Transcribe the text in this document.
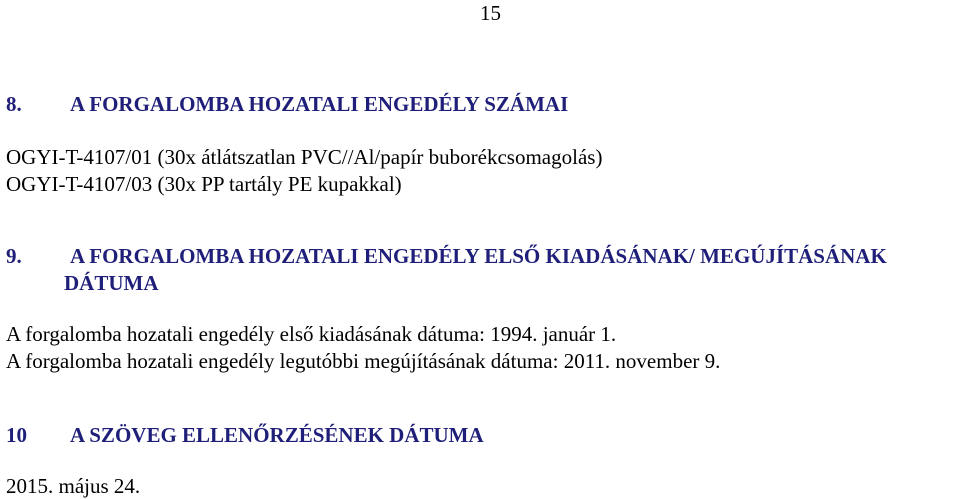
15
8. A FORGALOMBA HOZATALI ENGEDÉLY SZÁMAI
OGYI-T-4107/01 (30x átlátszatlan PVC//Al/papír buborékcsomagolás)
OGYI-T-4107/03 (30x PP tartály PE kupakkal)
9. A FORGALOMBA HOZATALI ENGEDÉLY ELSŐ KIADÁSÁNAK/ MEGÚJÍTÁSÁNAK
DÁTUMA
A forgalomba hozatali engedély első kiadásának dátuma: 1994. január 1.
A forgalomba hozatali engedély legutóbbi megújításának dátuma: 2011. november 9.
10 A SZÖVEG ELLENŐRZÉSÉNEK DÁTUMA
2015. május 24.
